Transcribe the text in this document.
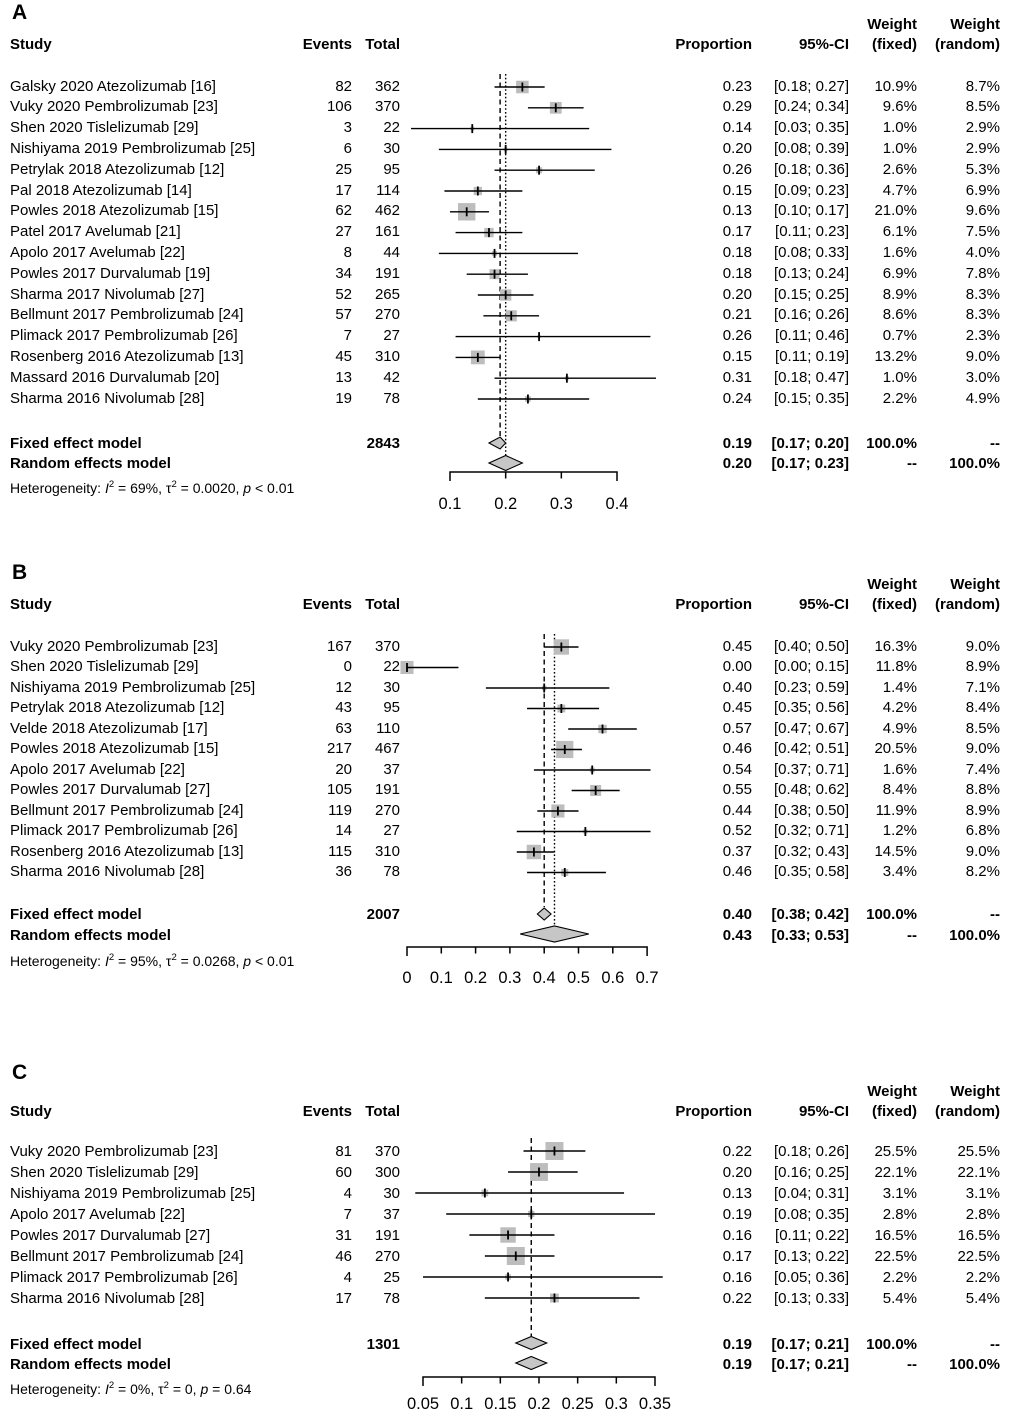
A
B
C
Weight	Weight
Study	Events Total	Proportion	95%-CI	(fixed)	(random)
Galsky 2020 Atezolizumab [16]	82	362	0.23	[0.18; 0.27]	10.9%	8.7%
Vuky 2020 Pembrolizumab [23]	106	370	0.29	[0.24; 0.34]	9.6%	8.5%
Shen 2020 Tislelizumab [29]	3	22	0.14	[0.03; 0.35]	1.0%	2.9%
Nishiyama 2019 Pembrolizumab [25]	6	30	0.20	[0.08; 0.39]	1.0%	2.9%
Petrylak 2018 Atezolizumab [12]	25	95	0.26	[0.18; 0.36]	2.6%	5.3%
Pal 2018 Atezolizumab [14]	17	114	0.15	[0.09; 0.23]	4.7%	6.9%
Powles 2018 Atezolizumab [15]	62	462	0.13	[0.10; 0.17]	21.0%	9.6%
Patel 2017 Avelumab [21]	27	161	0.17	[0.11; 0.23]	6.1%	7.5%
Apolo 2017 Avelumab [22]	8	44	0.18	[0.08; 0.33]	1.6%	4.0%
Powles 2017 Durvalumab [19]	34	191	0.18	[0.13; 0.24]	6.9%	7.8%
Sharma 2017 Nivolumab [27]	52	265	0.20	[0.15; 0.25]	8.9%	8.3%
Bellmunt 2017 Pembrolizumab [24]	57	270	0.21	[0.16; 0.26]	8.6%	8.3%
Plimack 2017 Pembrolizumab [26]	7	27	0.26	[0.11; 0.46]	0.7%	2.3%
Rosenberg 2016 Atezolizumab [13]	45	310	0.15	[0.11; 0.19]	13.2%	9.0%
Massard 2016 Durvalumab [20]	13	42	0.31	[0.18; 0.47]	1.0%	3.0%
Sharma 2016 Nivolumab [28]	19	78	0.24	[0.15; 0.35]	2.2%	4.9%
Fixed effect model	2843	0.19	[0.17; 0.20]	100.0%	--
Random effects model	0.20	[0.17; 0.23]	--	100.0%
Heterogeneity: $I^2 = 69\%$, $\tau^2 = 0.0020$, p < 0.01
0.1	0.2	0.3	0.4
Weight	Weight
Study	Events Total	Proportion	95%-CI	(fixed)	(random)
Vuky 2020 Pembrolizumab [23]	167	370	0.45	[0.40; 0.50]	16.3%	9.0%
Shen 2020 Tislelizumab [29]	0	22	0.00	[0.00; 0.15]	11.8%	8.9%
Nishiyama 2019 Pembrolizumab [25]	12	30	0.40	[0.23; 0.59]	1.4%	7.1%
Petrylak 2018 Atezolizumab [12]	43	95	0.45	[0.35; 0.56]	4.2%	8.4%
Velde 2018 Atezolizumab [17]	63	110	0.57	[0.47; 0.67]	4.9%	8.5%
Powles 2018 Atezolizumab [15]	217	467	0.46	[0.42; 0.51]	20.5%	9.0%
Apolo 2017 Avelumab [22]	20	37	0.54	[0.37; 0.71]	1.6%	7.4%
Powles 2017 Durvalumab [27]	105	191	0.55	[0.48; 0.62]	8.4%	8.8%
Bellmunt 2017 Pembrolizumab [24]	119	270	0.44	[0.38; 0.50]	11.9%	8.9%
Plimack 2017 Pembrolizumab [26]	14	27	0.52	[0.32; 0.71]	1.2%	6.8%
Rosenberg 2016 Atezolizumab [13]	115	310	0.37	[0.32; 0.43]	14.5%	9.0%
Sharma 2016 Nivolumab [28]	36	78	0.46	[0.35; 0.58]	3.4%	8.2%
Fixed effect model	2007	0.40	[0.38; 0.42]	100.0%	--
Random effects model	0.43	[0.33; 0.53]	--	100.0%
Heterogeneity: $I^2 = 95\%$, $\tau^2 = 0.0268$, p < 0.01
0	0.1 0.2 0.3 0.4 0.5 0.6 0.7
Weight	Weight
Study	Events Total	Proportion	95%-CI	(fixed)	(random)
Vuky 2020 Pembrolizumab [23]	81	370	0.22	[0.18; 0.26]	25.5%	25.5%
Shen 2020 Tislelizumab [29]	60	300	0.20	[0.16; 0.25]	22.1%	22.1%
Nishiyama 2019 Pembrolizumab [25]	4	30	0.13	[0.04; 0.31]	3.1%	3.1%
Apolo 2017 Avelumab [22]	7	37	0.19	[0.08; 0.35]	2.8%	2.8%
Powles 2017 Durvalumab [27]	31	191	0.16	[0.11; 0.22]	16.5%	16.5%
Bellmunt 2017 Pembrolizumab [24]	46	270	0.17	[0.13; 0.22]	22.5%	22.5%
Plimack 2017 Pembrolizumab [26]	4	25	0.16	[0.05; 0.36]	2.2%	2.2%
Sharma 2016 Nivolumab [28]	17	78	0.22	[0.13; 0.33]	5.4%	5.4%
Fixed effect model	1301	0.19	[0.17; 0.21]	100.0%	--
Random effects model	0.19	[0.17; 0.21]	--	100.0%
Heterogeneity: $I^2 = 0\%$, $\tau^2 = 0$, p = 0.64
0.05 0.1 0.15 0.2 0.25 0.3 0.35
